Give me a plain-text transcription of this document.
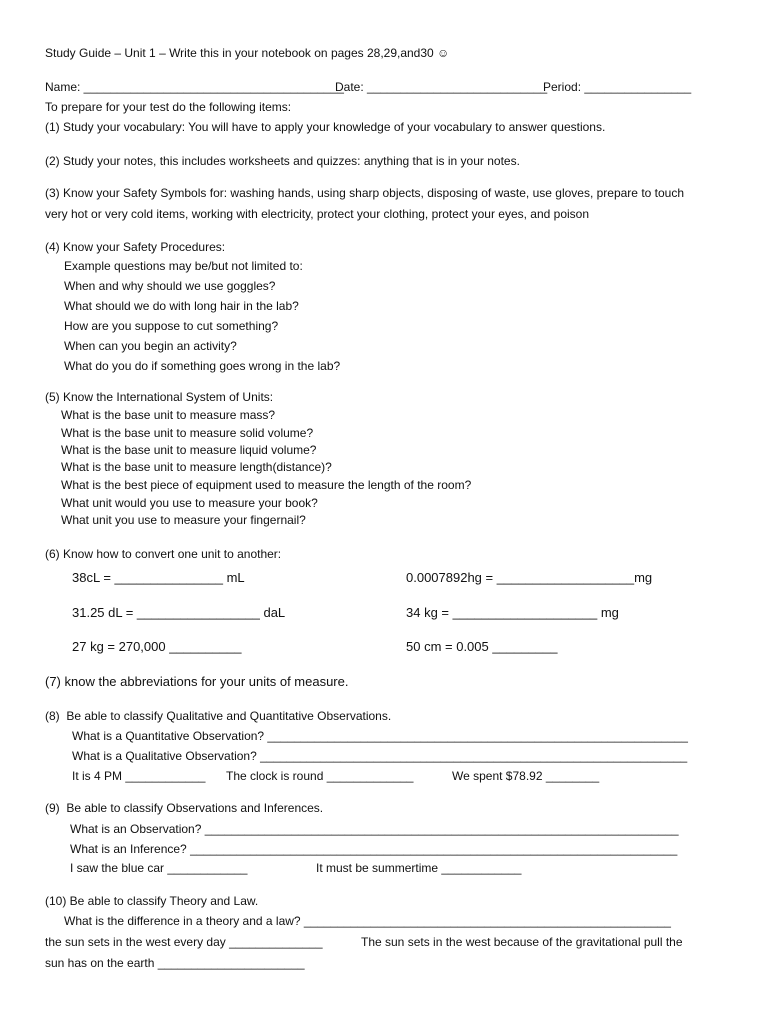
Study Guide – Unit 1 – Write this in your notebook on pages 28,29,and30 ☺
Name: _______________________________________
Date: ___________________________
Period: ________________
To prepare for your test do the following items:
(1) Study your vocabulary: You will have to apply your knowledge of your vocabulary to answer questions.
(2) Study your notes, this includes worksheets and quizzes: anything that is in your notes.
(3) Know your Safety Symbols for: washing hands, using sharp objects, disposing of waste, use gloves, prepare to touch
very hot or very cold items, working with electricity, protect your clothing, protect your eyes, and poison
(4) Know your Safety Procedures:
Example questions may be/but not limited to:
When and why should we use goggles?
What should we do with long hair in the lab?
How are you suppose to cut something?
When can you begin an activity?
What do you do if something goes wrong in the lab?
(5) Know the International System of Units:
What is the base unit to measure mass?
What is the base unit to measure solid volume?
What is the base unit to measure liquid volume?
What is the base unit to measure length(distance)?
What is the best piece of equipment used to measure the length of the room?
What unit would you use to measure your book?
What unit you use to measure your fingernail?
(6) Know how to convert one unit to another:
38cL = _______________ mL	0.0007892hg = ___________________mg
31.25 dL = _________________ daL	34 kg = ____________________ mg
27 kg = 270,000 __________	50 cm = 0.005 _________
(7) know the abbreviations for your units of measure.
(8)  Be able to classify Qualitative and Quantitative Observations.
What is a Quantitative Observation? _______________________________________________________________
What is a Qualitative Observation? ________________________________________________________________
It is 4 PM ____________ The clock is round _____________	We spent $78.92 ________
(9)  Be able to classify Observations and Inferences.
What is an Observation? _______________________________________________________________________
What is an Inference? _________________________________________________________________________
I saw the blue car ____________	It must be summertime ____________
(10) Be able to classify Theory and Law.
What is the difference in a theory and a law? _______________________________________________________
the sun sets in the west every day ______________	The sun sets in the west because of the gravitational pull the
sun has on the earth ______________________
